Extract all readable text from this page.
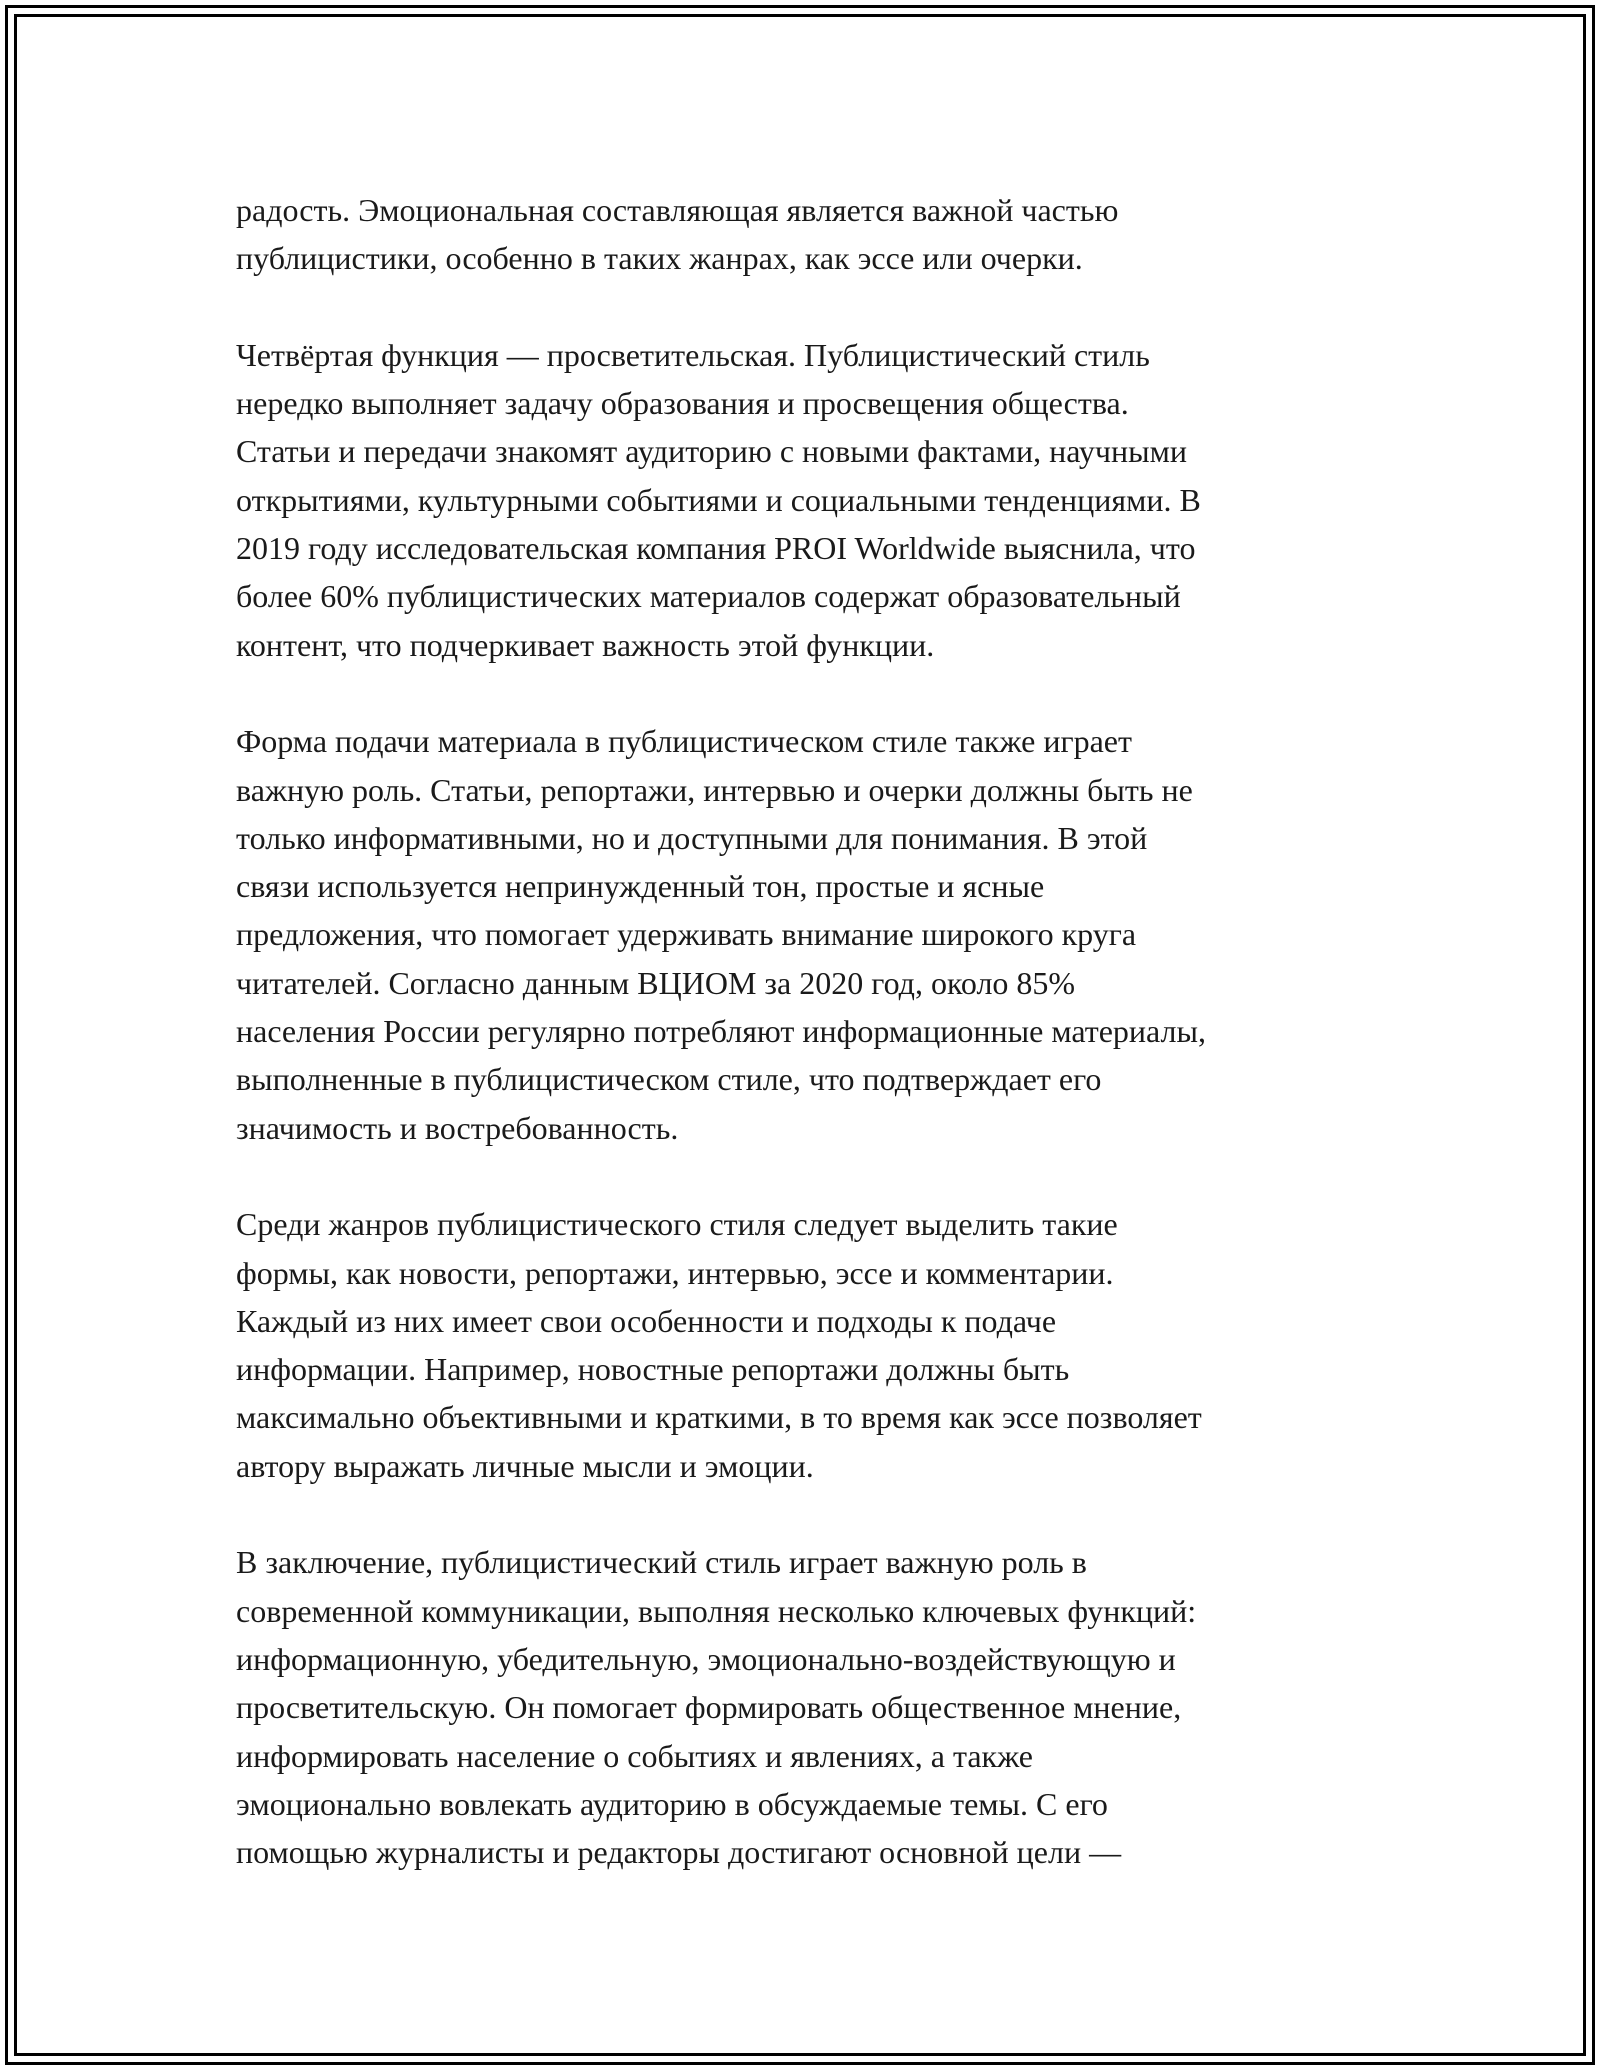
радость. Эмоциональная составляющая является важной частью
публицистики, особенно в таких жанрах, как эссе или очерки.

Четвёртая функция — просветительская. Публицистический стиль
нередко выполняет задачу образования и просвещения общества.
Статьи и передачи знакомят аудиторию с новыми фактами, научными
открытиями, культурными событиями и социальными тенденциями. В
2019 году исследовательская компания PROI Worldwide выяснила, что
более 60% публицистических материалов содержат образовательный
контент, что подчеркивает важность этой функции.

Форма подачи материала в публицистическом стиле также играет
важную роль. Статьи, репортажи, интервью и очерки должны быть не
только информативными, но и доступными для понимания. В этой
связи используется непринужденный тон, простые и ясные
предложения, что помогает удерживать внимание широкого круга
читателей. Согласно данным ВЦИОМ за 2020 год, около 85%
населения России регулярно потребляют информационные материалы,
выполненные в публицистическом стиле, что подтверждает его
значимость и востребованность.

Среди жанров публицистического стиля следует выделить такие
формы, как новости, репортажи, интервью, эссе и комментарии.
Каждый из них имеет свои особенности и подходы к подаче
информации. Например, новостные репортажи должны быть
максимально объективными и краткими, в то время как эссе позволяет
автору выражать личные мысли и эмоции.

В заключение, публицистический стиль играет важную роль в
современной коммуникации, выполняя несколько ключевых функций:
информационную, убедительную, эмоционально-воздействующую и
просветительскую. Он помогает формировать общественное мнение,
информировать население о событиях и явлениях, а также
эмоционально вовлекать аудиторию в обсуждаемые темы. С его
помощью журналисты и редакторы достигают основной цели —
